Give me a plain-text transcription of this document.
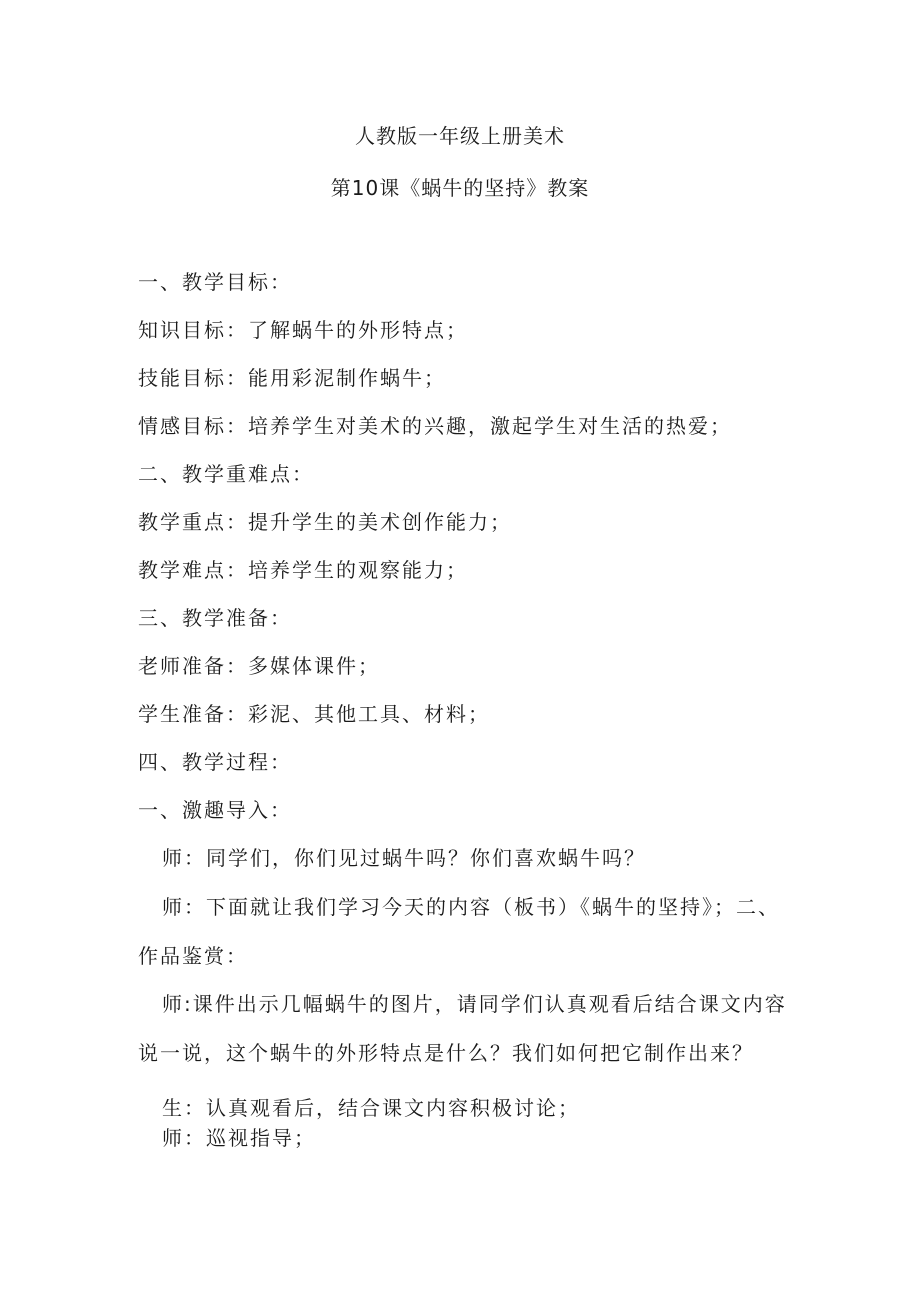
人教版一年级上册美术
第10课《蜗牛的坚持》教案
一、教学目标：
知识目标：了解蜗牛的外形特点；
技能目标：能用彩泥制作蜗牛；
情感目标：培养学生对美术的兴趣，激起学生对生活的热爱；
二、教学重难点：
教学重点：提升学生的美术创作能力；
教学难点：培养学生的观察能力；
三、教学准备：
老师准备：多媒体课件；
学生准备：彩泥、其他工具、材料；
四、教学过程：
一、激趣导入：
师：同学们，你们见过蜗牛吗？你们喜欢蜗牛吗？
师：下面就让我们学习今天的内容（板书）《蜗牛的坚持》；二、
作品鉴赏：
师:课件出示几幅蜗牛的图片，请同学们认真观看后结合课文内容
说一说，这个蜗牛的外形特点是什么？我们如何把它制作出来？
生：认真观看后，结合课文内容积极讨论；
师：巡视指导；
